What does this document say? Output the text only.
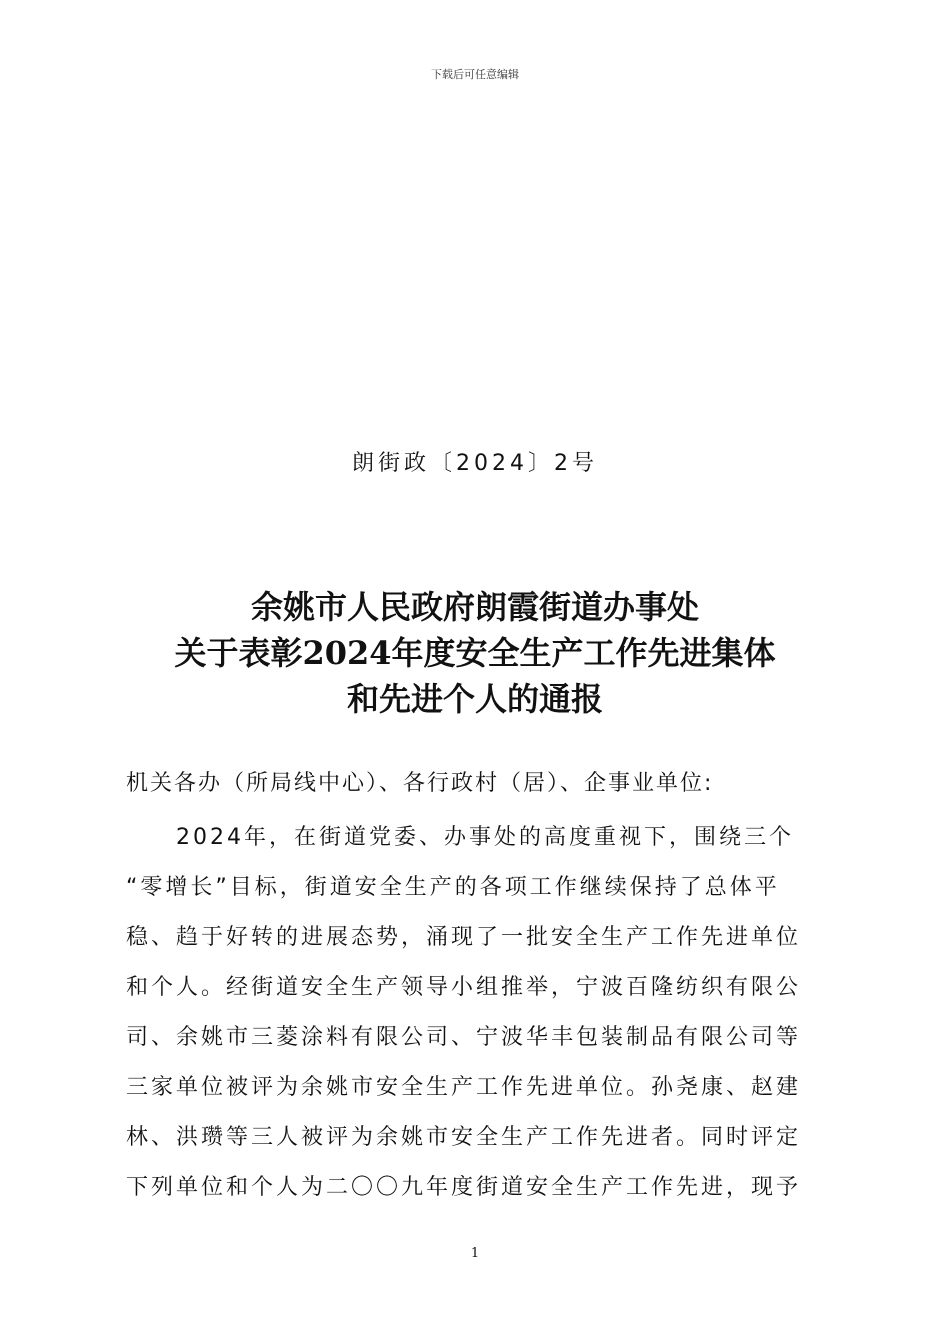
下载后可任意编辑
朗街政〔2024〕2号
余姚市人民政府朗霞街道办事处
关于表彰2024年度安全生产工作先进集体
和先进个人的通报
机关各办（所局线中心）、各行政村（居）、企事业单位:
2024年，在街道党委、办事处的高度重视下，围绕三个
“零增长”目标，街道安全生产的各项工作继续保持了总体平
稳、趋于好转的进展态势，涌现了一批安全生产工作先进单位
和个人。经街道安全生产领导小组推举，宁波百隆纺织有限公
司、余姚市三菱涂料有限公司、宁波华丰包装制品有限公司等
三家单位被评为余姚市安全生产工作先进单位。孙尧康、赵建
林、洪瓒等三人被评为余姚市安全生产工作先进者。同时评定
下列单位和个人为二〇〇九年度街道安全生产工作先进，现予
1
